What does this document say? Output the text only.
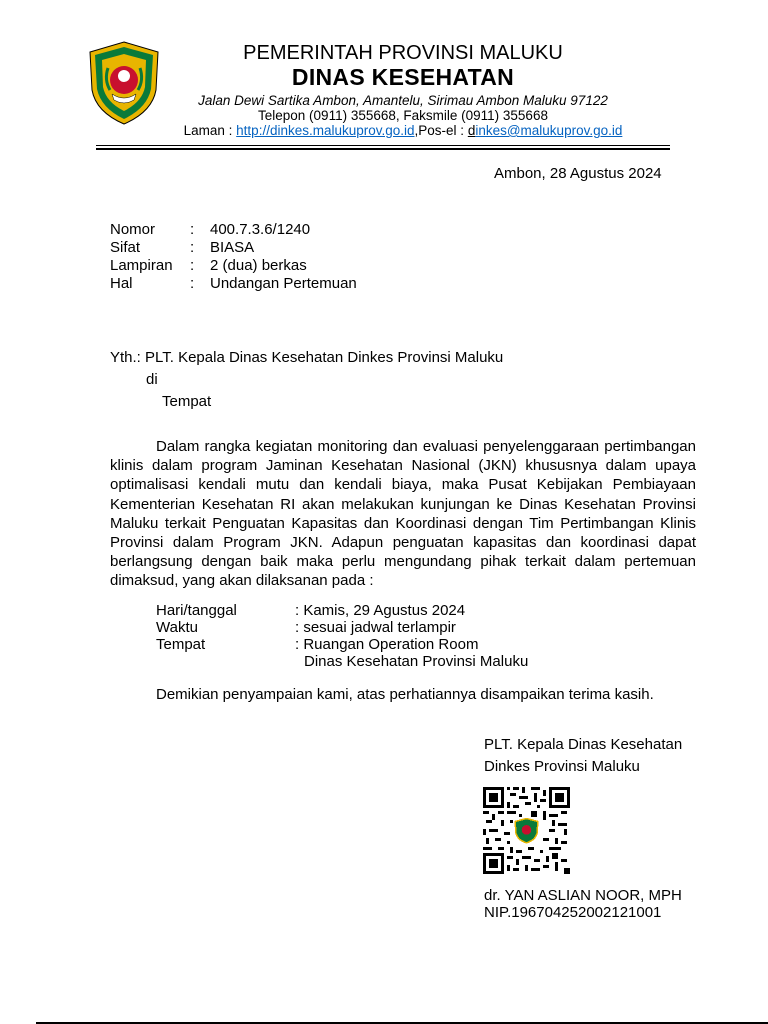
PEMERINTAH PROVINSI MALUKU
DINAS KESEHATAN
Jalan Dewi Sartika Ambon, Amantelu, Sirimau Ambon Maluku 97122
Telepon (0911) 355668, Faksmile (0911) 355668
Laman : http://dinkes.malukuprov.go.id,Pos-el : dinkes@malukuprov.go.id
Ambon, 28 Agustus 2024
Nomor : 400.7.3.6/1240
Sifat	: BIASA
Lampiran : 2 (dua) berkas
Hal	: Undangan Pertemuan
Yth.: PLT. Kepala Dinas Kesehatan Dinkes Provinsi Maluku
di
Tempat
Dalam rangka kegiatan monitoring dan evaluasi penyelenggaraan pertimbangan klinis dalam program Jaminan Kesehatan Nasional (JKN) khususnya dalam upaya optimalisasi kendali mutu dan kendali biaya, maka Pusat Kebijakan Pembiayaan Kementerian Kesehatan RI akan melakukan kunjungan ke Dinas Kesehatan Provinsi Maluku terkait Penguatan Kapasitas dan Koordinasi dengan Tim Pertimbangan Klinis Provinsi dalam Program JKN. Adapun penguatan kapasitas dan koordinasi dapat berlangsung dengan baik maka perlu mengundang pihak terkait dalam pertemuan dimaksud, yang akan dilaksanan pada :
Hari/tanggal	: Kamis, 29 Agustus 2024
Waktu	: sesuai jadwal terlampir
Tempat	: Ruangan Operation Room
Dinas Kesehatan Provinsi Maluku
Demikian penyampaian kami, atas perhatiannya disampaikan terima kasih.
PLT. Kepala Dinas Kesehatan
Dinkes Provinsi Maluku
dr. YAN ASLIAN NOOR, MPH
NIP.196704252002121001
